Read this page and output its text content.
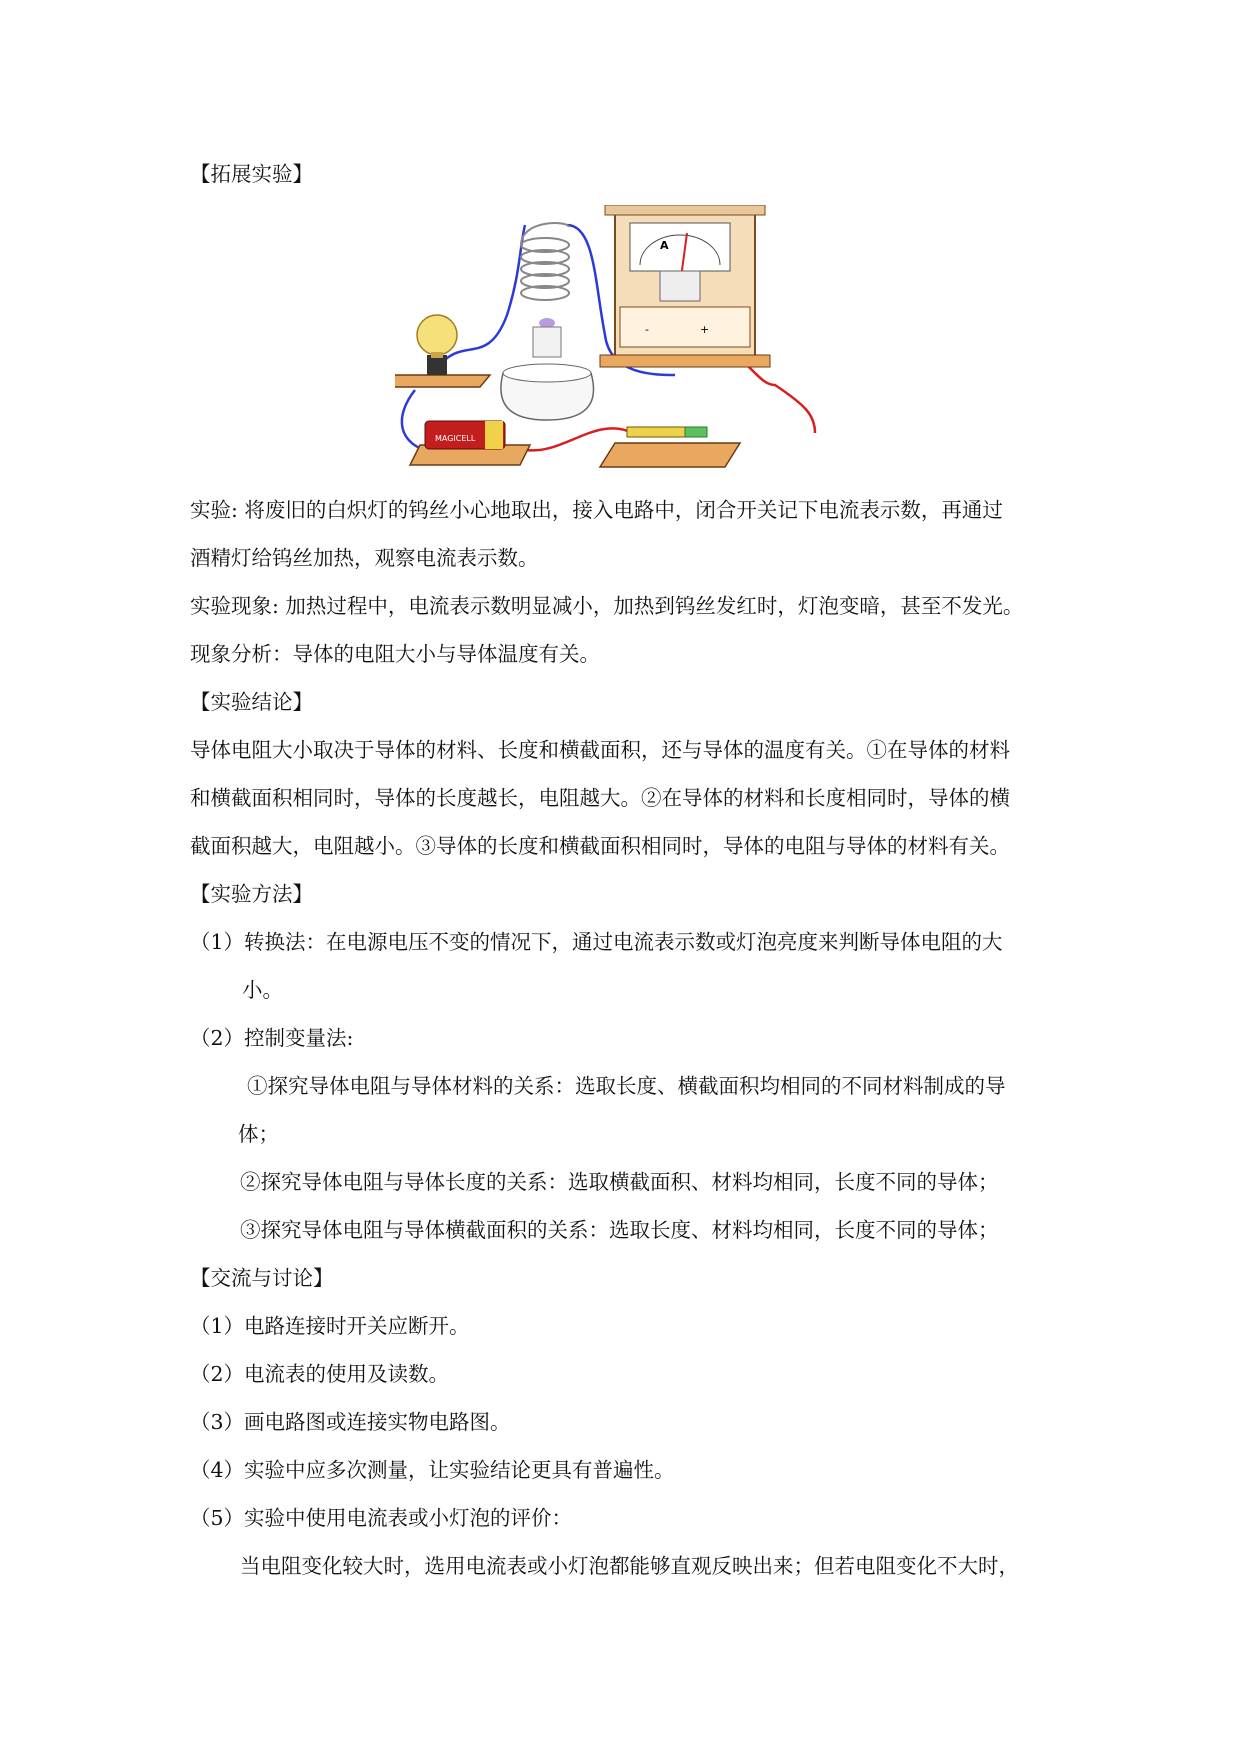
【拓展实验】
A
-	+
MAGICELL
实验: 将废旧的白炽灯的钨丝小心地取出，接入电路中，闭合开关记下电流表示数，再通过
酒精灯给钨丝加热，观察电流表示数。
实验现象: 加热过程中，电流表示数明显减小，加热到钨丝发红时，灯泡变暗，甚至不发光。
现象分析：导体的电阻大小与导体温度有关。
【实验结论】
导体电阻大小取决于导体的材料、长度和横截面积，还与导体的温度有关。①在导体的材料
和横截面积相同时，导体的长度越长，电阻越大。②在导体的材料和长度相同时，导体的横
截面积越大，电阻越小。③导体的长度和横截面积相同时，导体的电阻与导体的材料有关。
【实验方法】
（1）转换法：在电源电压不变的情况下，通过电流表示数或灯泡亮度来判断导体电阻的大
小。
（2）控制变量法:
①探究导体电阻与导体材料的关系：选取长度、横截面积均相同的不同材料制成的导
体；
②探究导体电阻与导体长度的关系：选取横截面积、材料均相同，长度不同的导体；
③探究导体电阻与导体横截面积的关系：选取长度、材料均相同，长度不同的导体；
【交流与讨论】
（1）电路连接时开关应断开。
（2）电流表的使用及读数。
（3）画电路图或连接实物电路图。
（4）实验中应多次测量，让实验结论更具有普遍性。
（5）实验中使用电流表或小灯泡的评价：
当电阻变化较大时，选用电流表或小灯泡都能够直观反映出来；但若电阻变化不大时，
